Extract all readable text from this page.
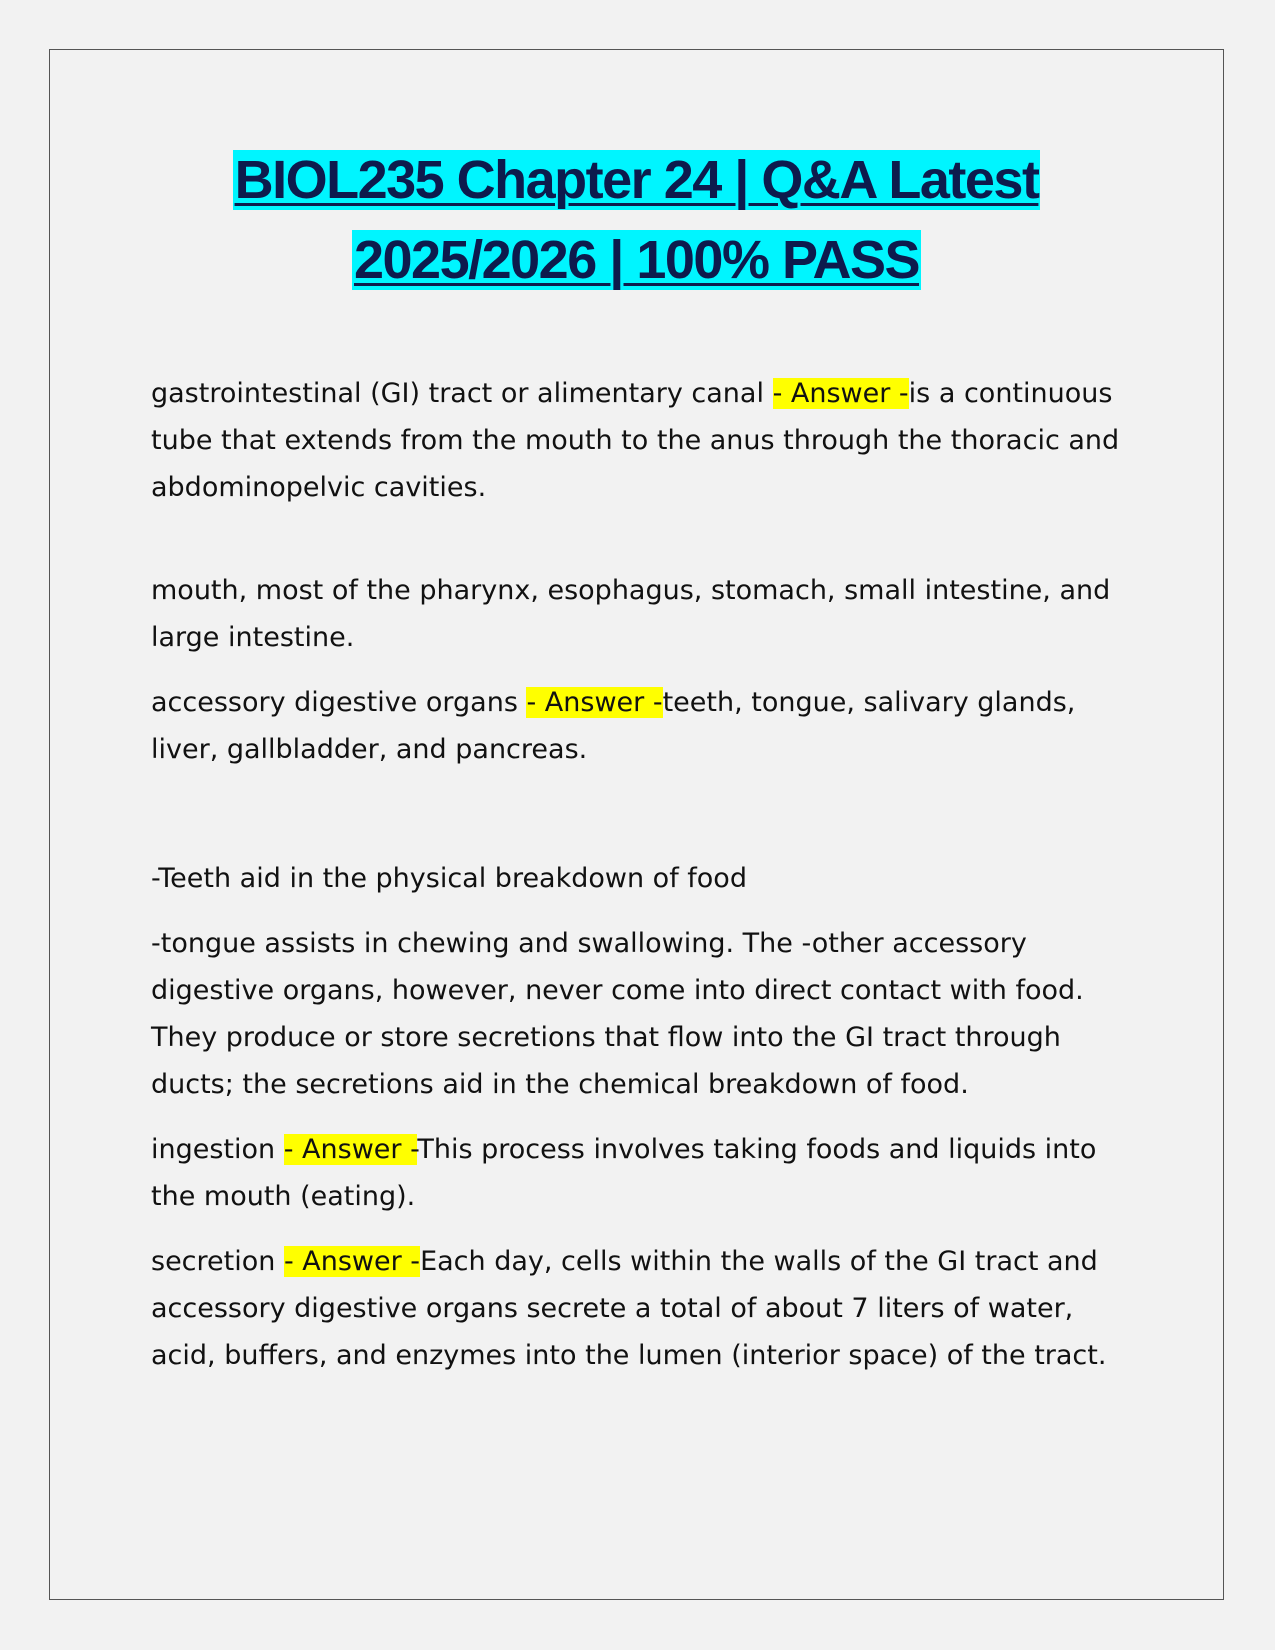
BIOL235 Chapter 24 | Q&A Latest
2025/2026 | 100% PASS

gastrointestinal (GI) tract or alimentary canal - Answer -is a continuous tube that extends from the mouth to the anus through the thoracic and abdominopelvic cavities.

mouth, most of the pharynx, esophagus, stomach, small intestine, and large intestine.

accessory digestive organs - Answer -teeth, tongue, salivary glands, liver, gallbladder, and pancreas.

-Teeth aid in the physical breakdown of food

-tongue assists in chewing and swallowing. The -other accessory digestive organs, however, never come into direct contact with food. They produce or store secretions that flow into the GI tract through ducts; the secretions aid in the chemical breakdown of food.

ingestion - Answer -This process involves taking foods and liquids into the mouth (eating).

secretion - Answer -Each day, cells within the walls of the GI tract and accessory digestive organs secrete a total of about 7 liters of water, acid, buffers, and enzymes into the lumen (interior space) of the tract.
